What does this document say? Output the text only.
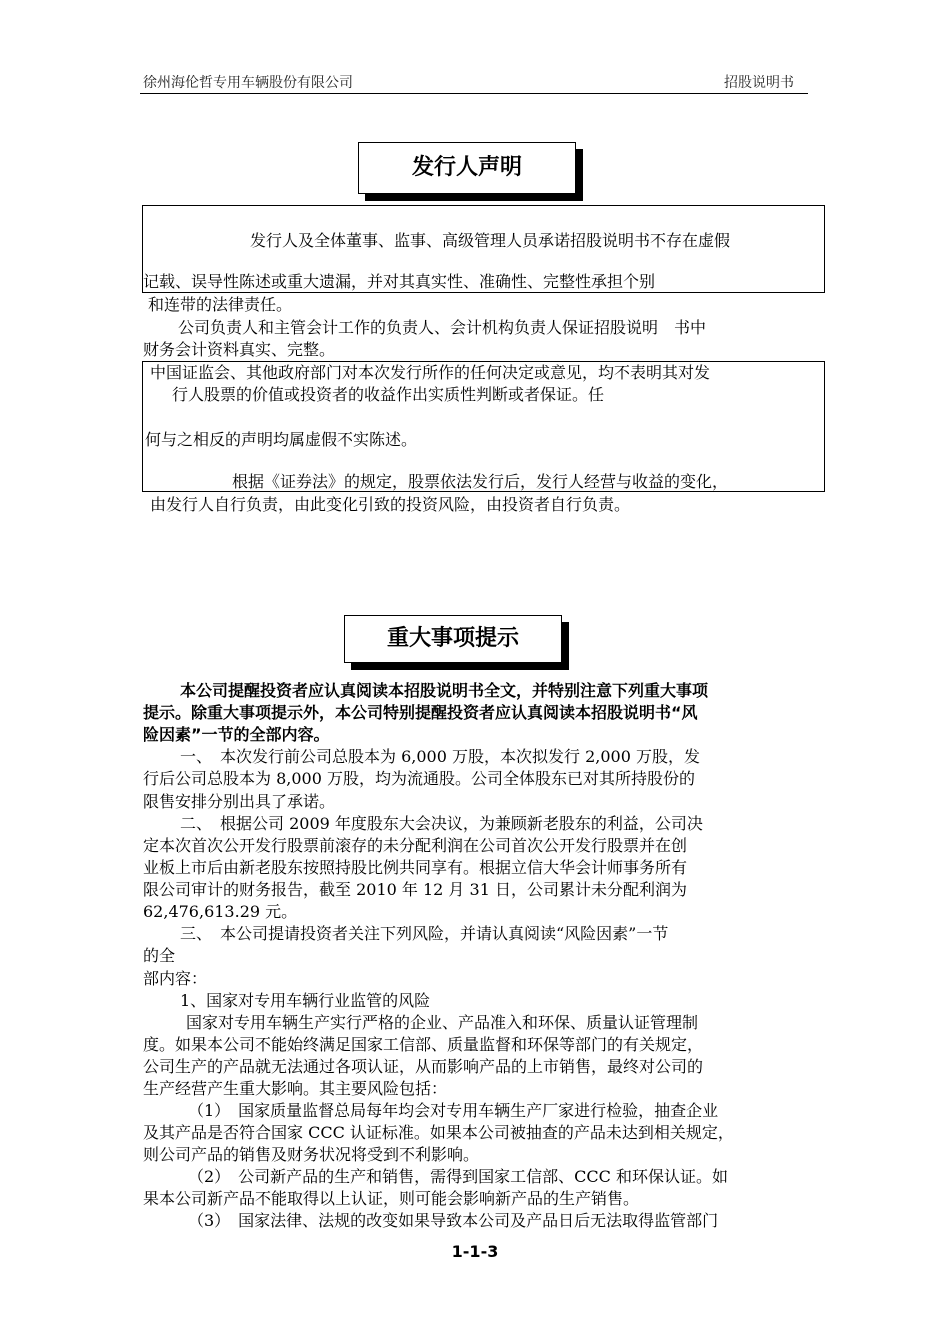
徐州海伦哲专用车辆股份有限公司	招股说明书
发行人声明
发行人及全体董事、监事、高级管理人员承诺招股说明书不存在虚假
记载、误导性陈述或重大遗漏，并对其真实性、准确性、完整性承担个别
和连带的法律责任。
公司负责人和主管会计工作的负责人、会计机构负责人保证招股说明　书中
财务会计资料真实、完整。
中国证监会、其他政府部门对本次发行所作的任何决定或意见，均不表明其对发
行人股票的价值或投资者的收益作出实质性判断或者保证。任
何与之相反的声明均属虚假不实陈述。
根据《证券法》的规定，股票依法发行后，发行人经营与收益的变化，
由发行人自行负责，由此变化引致的投资风险，由投资者自行负责。
重大事项提示
本公司提醒投资者应认真阅读本招股说明书全文，并特别注意下列重大事项
提示。除重大事项提示外，本公司特别提醒投资者应认真阅读本招股说明书“风
险因素”一节的全部内容。
一、　本次发行前公司总股本为 6,000 万股，本次拟发行 2,000 万股，发
行后公司总股本为 8,000 万股，均为流通股。公司全体股东已对其所持股份的
限售安排分别出具了承诺。
二、　根据公司 2009 年度股东大会决议，为兼顾新老股东的利益，公司决
定本次首次公开发行股票前滚存的未分配利润在公司首次公开发行股票并在创
业板上市后由新老股东按照持股比例共同享有。根据立信大华会计师事务所有
限公司审计的财务报告，截至 2010 年 12 月 31 日，公司累计未分配利润为
62,476,613.29 元。
三、　本公司提请投资者关注下列风险，并请认真阅读“风险因素”一节
的全
部内容：
1、国家对专用车辆行业监管的风险
国家对专用车辆生产实行严格的企业、产品准入和环保、质量认证管理制
度。如果本公司不能始终满足国家工信部、质量监督和环保等部门的有关规定，
公司生产的产品就无法通过各项认证，从而影响产品的上市销售，最终对公司的
生产经营产生重大影响。其主要风险包括：
（1）　国家质量监督总局每年均会对专用车辆生产厂家进行检验，抽查企业
及其产品是否符合国家 CCC 认证标准。如果本公司被抽查的产品未达到相关规定，
则公司产品的销售及财务状况将受到不利影响。
（2）　公司新产品的生产和销售，需得到国家工信部、CCC 和环保认证。如
果本公司新产品不能取得以上认证，则可能会影响新产品的生产销售。
（3）　国家法律、法规的改变如果导致本公司及产品日后无法取得监管部门
1-1-3
